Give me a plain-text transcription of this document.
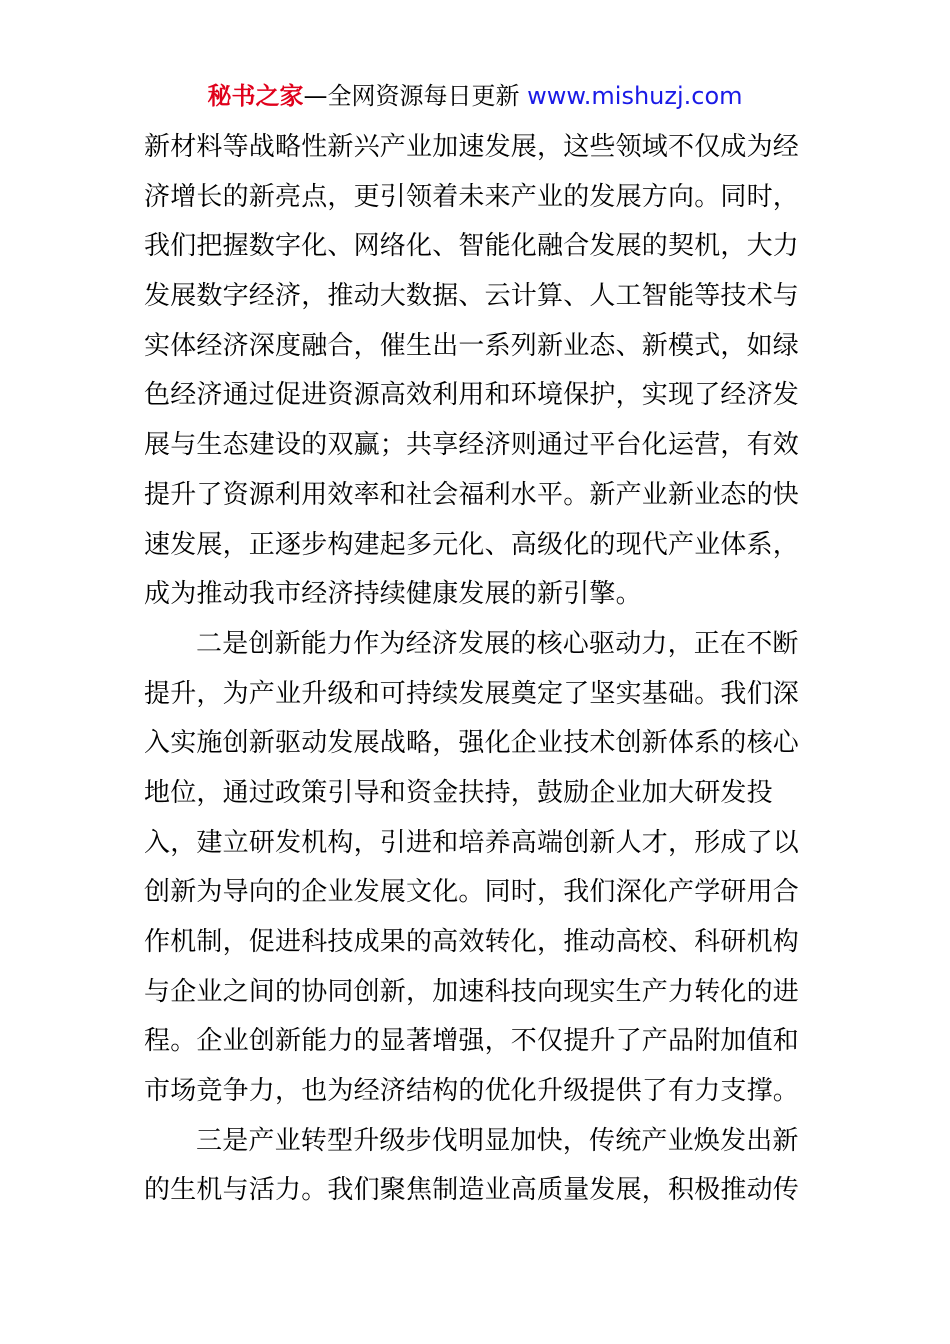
秘书之家—全网资源每日更新 www.mishuzj.com
新材料等战略性新兴产业加速发展，这些领域不仅成为经
济增长的新亮点，更引领着未来产业的发展方向。同时，
我们把握数字化、网络化、智能化融合发展的契机，大力
发展数字经济，推动大数据、云计算、人工智能等技术与
实体经济深度融合，催生出一系列新业态、新模式，如绿
色经济通过促进资源高效利用和环境保护，实现了经济发
展与生态建设的双赢；共享经济则通过平台化运营，有效
提升了资源利用效率和社会福利水平。新产业新业态的快
速发展，正逐步构建起多元化、高级化的现代产业体系，
成为推动我市经济持续健康发展的新引擎。
二是创新能力作为经济发展的核心驱动力，正在不断
提升，为产业升级和可持续发展奠定了坚实基础。我们深
入实施创新驱动发展战略，强化企业技术创新体系的核心
地位，通过政策引导和资金扶持，鼓励企业加大研发投
入，建立研发机构，引进和培养高端创新人才，形成了以
创新为导向的企业发展文化。同时，我们深化产学研用合
作机制，促进科技成果的高效转化，推动高校、科研机构
与企业之间的协同创新，加速科技向现实生产力转化的进
程。企业创新能力的显著增强，不仅提升了产品附加值和
市场竞争力，也为经济结构的优化升级提供了有力支撑。
三是产业转型升级步伐明显加快，传统产业焕发出新
的生机与活力。我们聚焦制造业高质量发展，积极推动传
